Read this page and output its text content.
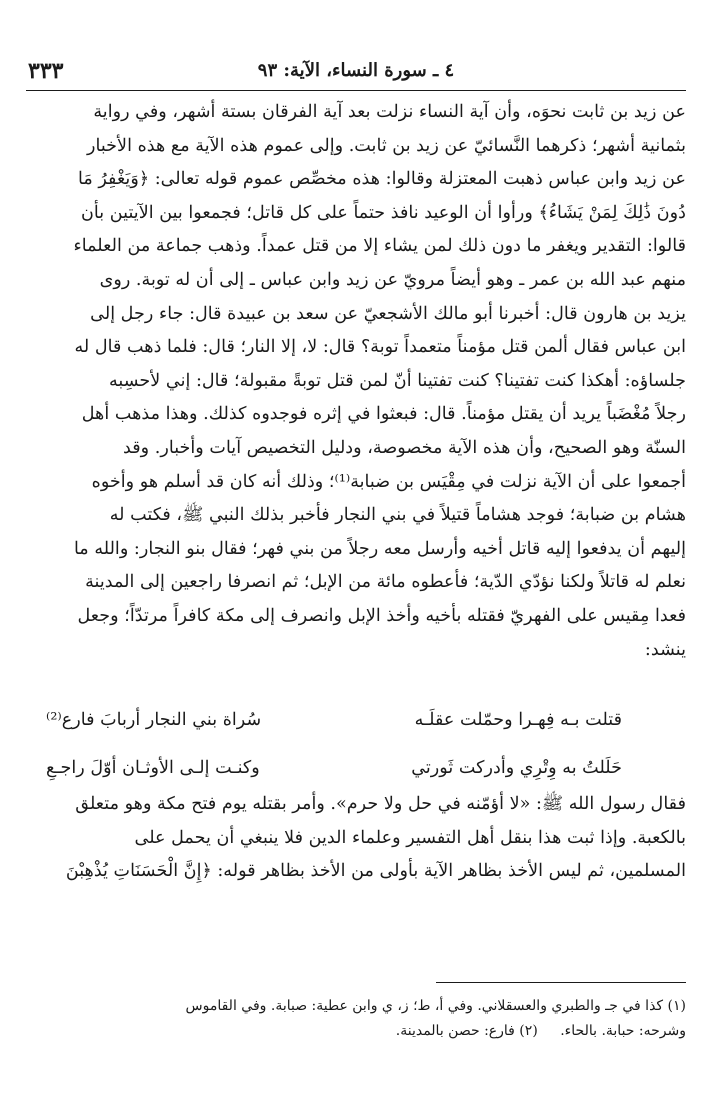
٣٣٣	٤ ـ سورة النساء، الآية: ٩٣
عن زيد بن ثابت نحوَه، وأن آية النساء نزلت بعد آية الفرقان بستة أشهر، وفي رواية
بثمانية أشهر؛ ذكرهما النَّسائيّ عن زيد بن ثابت. وإلى عموم هذه الآية مع هذه الأخبار
عن زيد وابن عباس ذهبت المعتزلة وقالوا: هذه مخصِّص عموم قوله تعالى: ﴿وَيَغْفِرُ مَا
دُونَ ذَٰلِكَ لِمَنْ يَشَاءُ﴾ ورأوا أن الوعيد نافذ حتماً على كل قاتل؛ فجمعوا بين الآيتين بأن
قالوا: التقدير ويغفر ما دون ذلك لمن يشاء إلا من قتل عمداً. وذهب جماعة من العلماء
منهم عبد الله بن عمر ـ وهو أيضاً مرويّ عن زيد وابن عباس ـ إلى أن له توبة. روى
يزيد بن هارون قال: أخبرنا أبو مالك الأشجعيّ عن سعد بن عبيدة قال: جاء رجل إلى
ابن عباس فقال ألمن قتل مؤمناً متعمداً توبة؟ قال: لا، إلا النار؛ قال: فلما ذهب قال له
جلساؤه: أهكذا كنت تفتينا؟ كنت تفتينا أنّ لمن قتل توبةً مقبولة؛ قال: إني لأحسِبه
رجلاً مُغْضَباً يريد أن يقتل مؤمناً. قال: فبعثوا في إثره فوجدوه كذلك. وهذا مذهب أهل
السنّة وهو الصحيح، وأن هذه الآية مخصوصة، ودليل التخصيص آيات وأخبار. وقد
أجمعوا على أن الآية نزلت في مِقْيَس بن ضبابة⁽¹⁾؛ وذلك أنه كان قد أسلم هو وأخوه
هشام بن ضبابة؛ فوجد هشاماً قتيلاً في بني النجار فأخبر بذلك النبي ﷺ، فكتب له
إليهم أن يدفعوا إليه قاتل أخيه وأرسل معه رجلاً من بني فهر؛ فقال بنو النجار: والله ما
نعلم له قاتلاً ولكنا نؤدّي الدّية؛ فأعطوه مائة من الإبل؛ ثم انصرفا راجعين إلى المدينة
فعدا مِقيس على الفهريّ فقتله بأخيه وأخذ الإبل وانصرف إلى مكة كافراً مرتدّاً؛ وجعل
ينشد:
قتلت بـه فِهـرا وحمّلت عقلَـه
سُراة بني النجار أربابَ فارع⁽²⁾
حَلَلتُ به وِتْرِي وأدركت ثَورتي
وكنـت إلـى الأوثـان أوّلَ راجـعِ
فقال رسول الله ﷺ: «لا أؤمّنه في حل ولا حرم». وأمر بقتله يوم فتح مكة وهو متعلق
بالكعبة. وإذا ثبت هذا بنقل أهل التفسير وعلماء الدين فلا ينبغي أن يحمل على
المسلمين، ثم ليس الأخذ بظاهر الآية بأولى من الأخذ بظاهر قوله: ﴿إِنَّ الْحَسَنَاتِ يُذْهِبْنَ
(١) كذا في جـ والطبري والعسقلاني. وفي أ، ط؛ ز، ي وابن عطية: صبابة. وفي القاموس
وشرحه: حبابة. بالحاء. (٢) فارع: حصن بالمدينة.
